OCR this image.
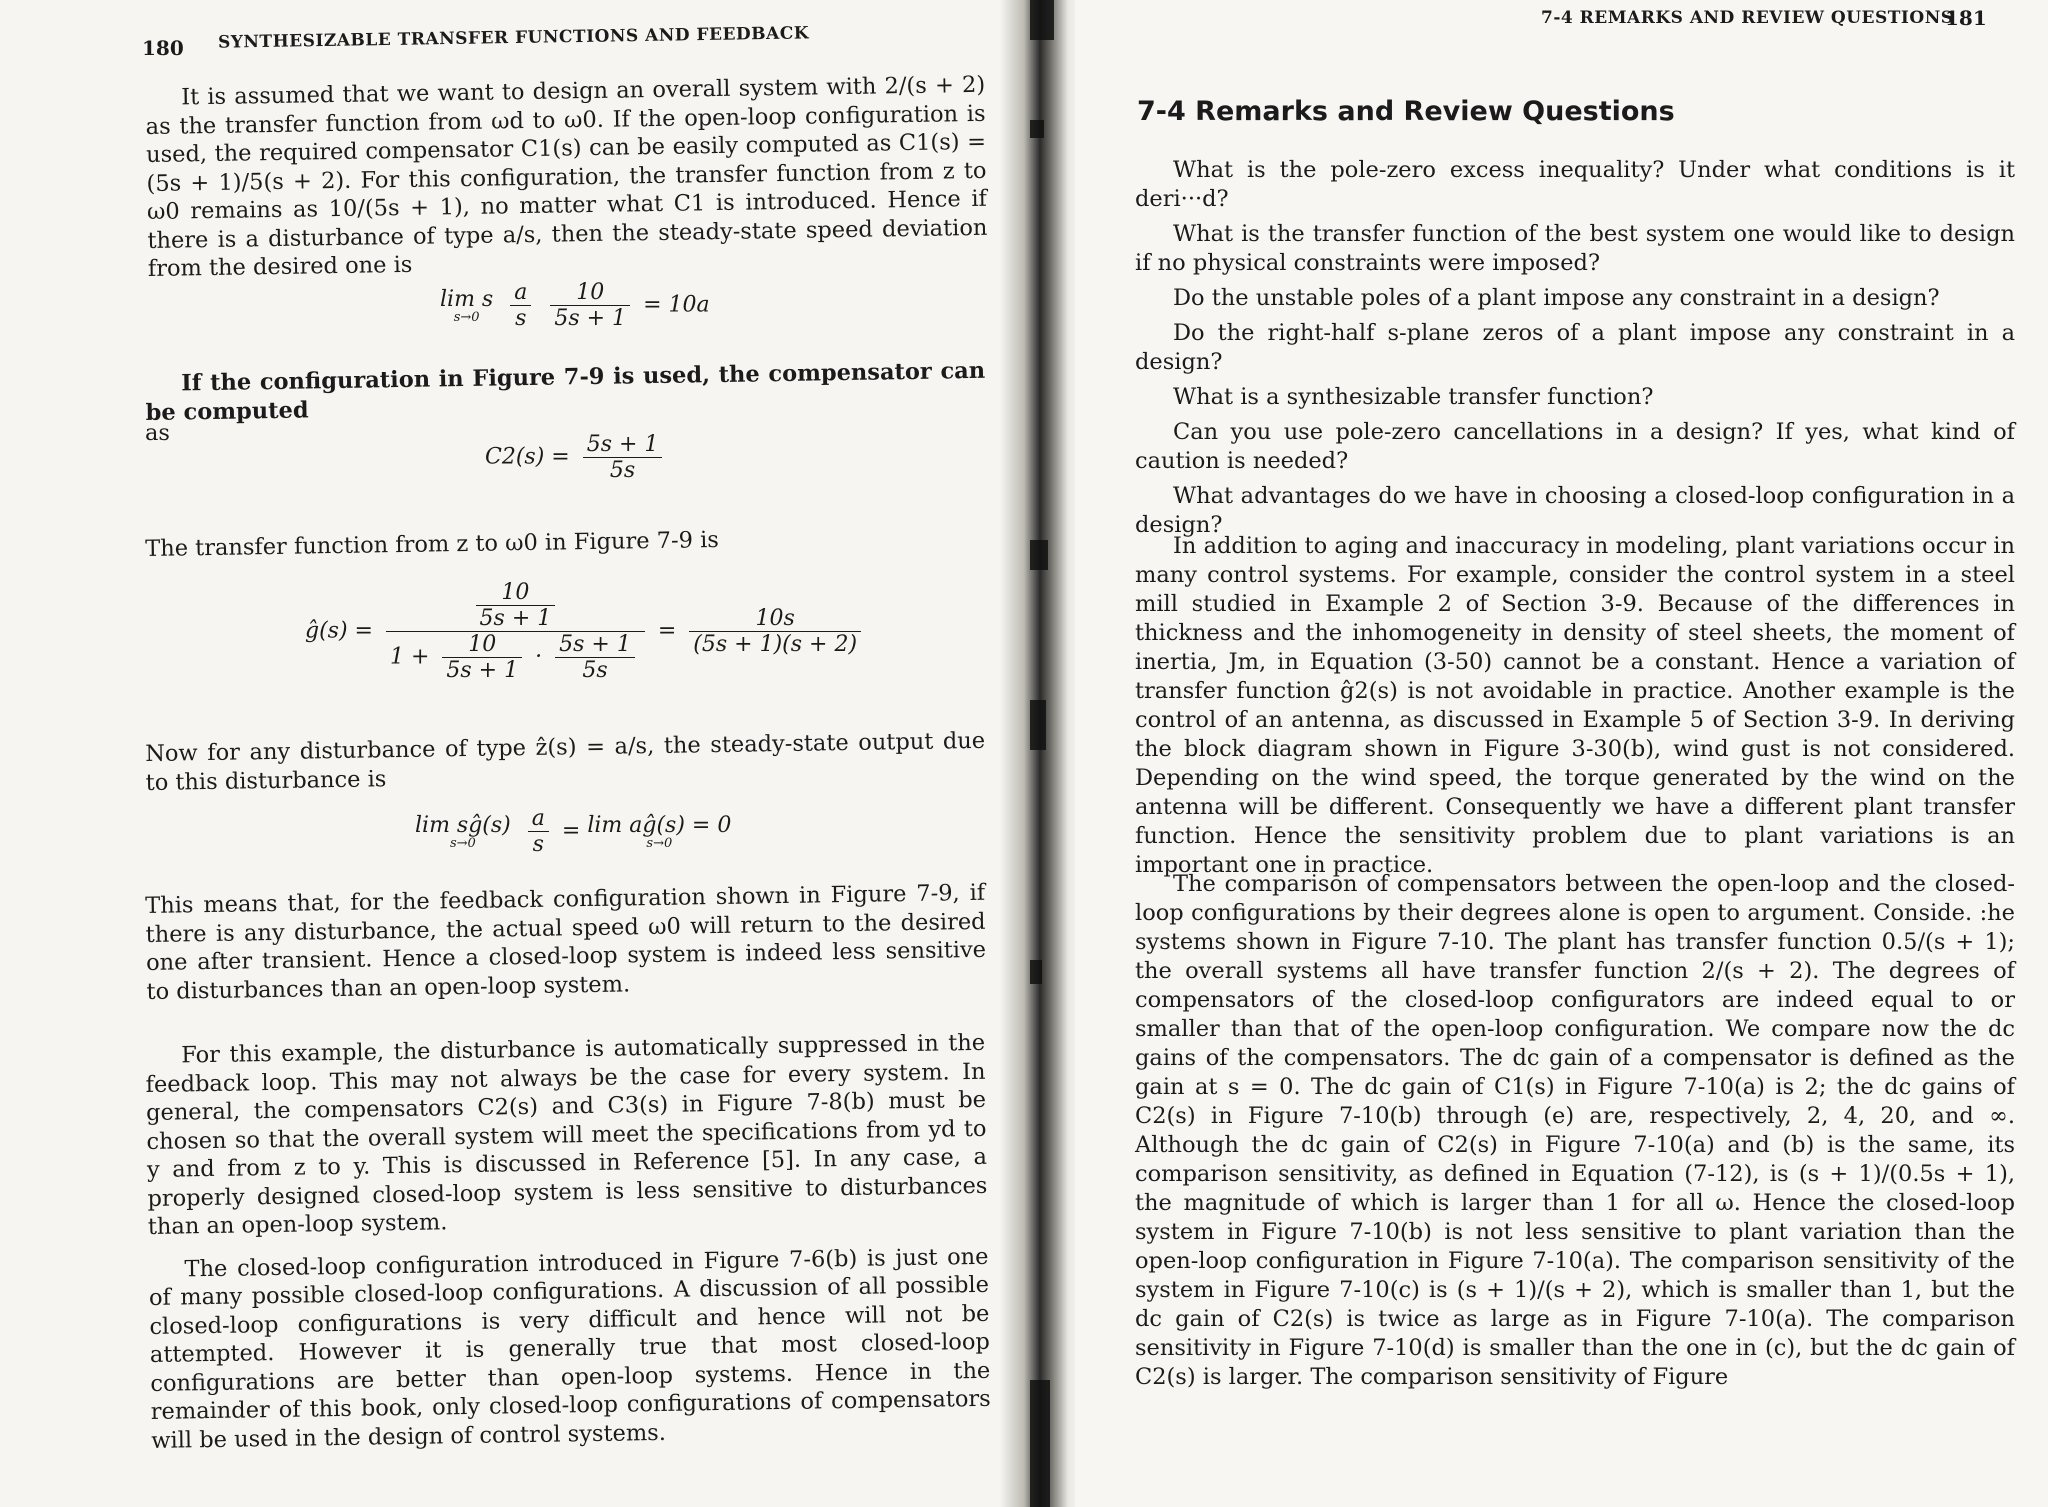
180 SYNTHESIZABLE TRANSFER FUNCTIONS AND FEEDBACK

It is assumed that we want to design an overall system with 2/(s + 2) as the transfer function from ωd to ω0. If the open-loop configuration is used, the required compensator C1(s) can be easily computed as C1(s) = (5s + 1)/5(s + 2). For this configuration, the transfer function from z to ω0 remains as 10/(5s + 1), no matter what C1 is introduced. Hence if there is a disturbance of type a/s, then the steady-state speed deviation from the desired one is

lim s
s→0
	$\frac{a}{s}$
$\frac{10}{5s + 1} = 10a$

If the configuration in Figure 7-9 is used, the compensator can be computed

as
$C2(s) = \frac{5s + 1}{5s}$

The transfer function from z to ω0 in Figure 7-9 is

ĝ(s) = $\frac{\frac{10}{5s + 1}}{1 + \frac{10}{5s + 1} \cdot \frac{5s + 1}{5s}} = \frac{10s}{(5s + 1)(s + 2)}$

Now for any disturbance of type ẑ(s) = a/s, the steady-state output due to this disturbance is

lim sĝ(s)
s→0
	$\frac{a}{s} = \lim$ aĝ(s) = 0
s→0

This means that, for the feedback configuration shown in Figure 7-9, if there is any disturbance, the actual speed ω0 will return to the desired one after transient. Hence a closed-loop system is indeed less sensitive to disturbances than an open-loop system.

For this example, the disturbance is automatically suppressed in the feedback loop. This may not always be the case for every system. In general, the compensators C2(s) and C3(s) in Figure 7-8(b) must be chosen so that the overall system will meet the specifications from yd to y and from z to y. This is discussed in Reference [5]. In any case, a properly designed closed-loop system is less sensitive to disturbances than an open-loop system.

The closed-loop configuration introduced in Figure 7-6(b) is just one of many possible closed-loop configurations. A discussion of all possible closed-loop configurations is very difficult and hence will not be attempted. However it is generally true that most closed-loop configurations are better than open-loop systems. Hence in the remainder of this book, only closed-loop configurations of compensators will be used in the design of control systems.

7-4 REMARKS AND REVIEW QUESTIONS
181
7-4 Remarks and Review Questions

What is the pole-zero excess inequality? Under what conditions is it deri···d?

What is the transfer function of the best system one would like to design if no physical constraints were imposed?

Do the unstable poles of a plant impose any constraint in a design?

Do the right-half s-plane zeros of a plant impose any constraint in a design?

What is a synthesizable transfer function?

Can you use pole-zero cancellations in a design? If yes, what kind of caution is needed?

What advantages do we have in choosing a closed-loop configuration in a design?

In addition to aging and inaccuracy in modeling, plant variations occur in many control systems. For example, consider the control system in a steel mill studied in Example 2 of Section 3-9. Because of the differences in thickness and the inhomogeneity in density of steel sheets, the moment of inertia, Jm, in Equation (3-50) cannot be a constant. Hence a variation of transfer function ĝ2(s) is not avoidable in practice. Another example is the control of an antenna, as discussed in Example 5 of Section 3-9. In deriving the block diagram shown in Figure 3-30(b), wind gust is not considered. Depending on the wind speed, the torque generated by the wind on the antenna will be different. Consequently we have a different plant transfer function. Hence the sensitivity problem due to plant variations is an important one in practice.

The comparison of compensators between the open-loop and the closed-loop configurations by their degrees alone is open to argument. Conside. :he systems shown in Figure 7-10. The plant has transfer function 0.5/(s + 1); the overall systems all have transfer function 2/(s + 2). The degrees of compensators of the closed-loop configurators are indeed equal to or smaller than that of the open-loop configuration. We compare now the dc gains of the compensators. The dc gain of a compensator is defined as the gain at s = 0. The dc gain of C1(s) in Figure 7-10(a) is 2; the dc gains of C2(s) in Figure 7-10(b) through (e) are, respectively, 2, 4, 20, and ∞. Although the dc gain of C2(s) in Figure 7-10(a) and (b) is the same, its comparison sensitivity, as defined in Equation (7-12), is (s + 1)/(0.5s + 1), the magnitude of which is larger than 1 for all ω. Hence the closed-loop system in Figure 7-10(b) is not less sensitive to plant variation than the open-loop configuration in Figure 7-10(a). The comparison sensitivity of the system in Figure 7-10(c) is (s + 1)/(s + 2), which is smaller than 1, but the dc gain of C2(s) is twice as large as in Figure 7-10(a). The comparison sensitivity in Figure 7-10(d) is smaller than the one in (c), but the dc gain of C2(s) is larger. The comparison sensitivity of Figure
